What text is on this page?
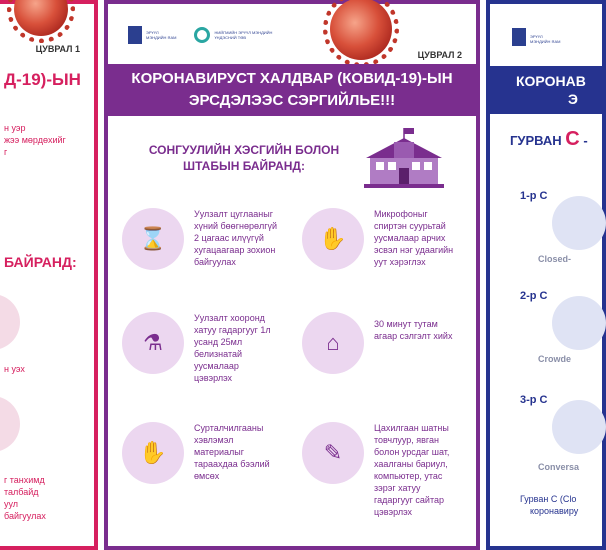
ЦУВРАЛ 1
Д-19)-ЫН
н уэр
жээ мөрдөхийг
г
БАЙРАНД:
н уэх
г танхимд
талбайд
уул
байгуулах
ЭРҮҮЛ
МЭНДИЙН ЯАМ
НИЙГМИЙН ЭРҮҮЛ МЭНДИЙН
ҮНДЭСНИЙ ТӨВ
ЦУВРАЛ 2
КОРОНАВИРУСТ ХАЛДВАР (КОВИД-19)-ЫН
ЭРСДЭЛЭЭС СЭРГИЙЛЬЕ!!!
СОНГУУЛИЙН ХЭСГИЙН БОЛОН
ШТАБЫН БАЙРАНД:
⌛
Уулзалт цуглааныг
хүний бөөгнөрөлгүй
2 цагаас илүүгүй
хугацаагаар зохион
байгуулах
✋
Микрофоныг
спиртэн суурьтай
уусмалаар арчих
эсвэл нэг удаагийн
уут хэрэглэх
⚗
Уулзалт хооронд
хатуу гадаргууг 1л
усанд 25мл
белизнатай
уусмалаар
цэвэрлэх
⌂
30 минут тутам
агаар сэлгэлт хийх
✋
Сурталчилгааны
хэвлэмэл
материалыг
тараахдаа бээлий
өмсөх
✎
Цахилгаан шатны
товчлуур, явган
болон урсдаг шат,
хаалганы бариул,
компьютер, утас
зэрэг хатуу
гадаргууг сайтар
цэвэрлэх
ЭРҮҮЛ
МЭНДИЙН ЯАМ
КОРОНАВ
Э
ГУРВАН С -
1-р С
Closed-
2-р С
Crowde
3-р С
Conversa
Гурван С (Clo
коронавиру
